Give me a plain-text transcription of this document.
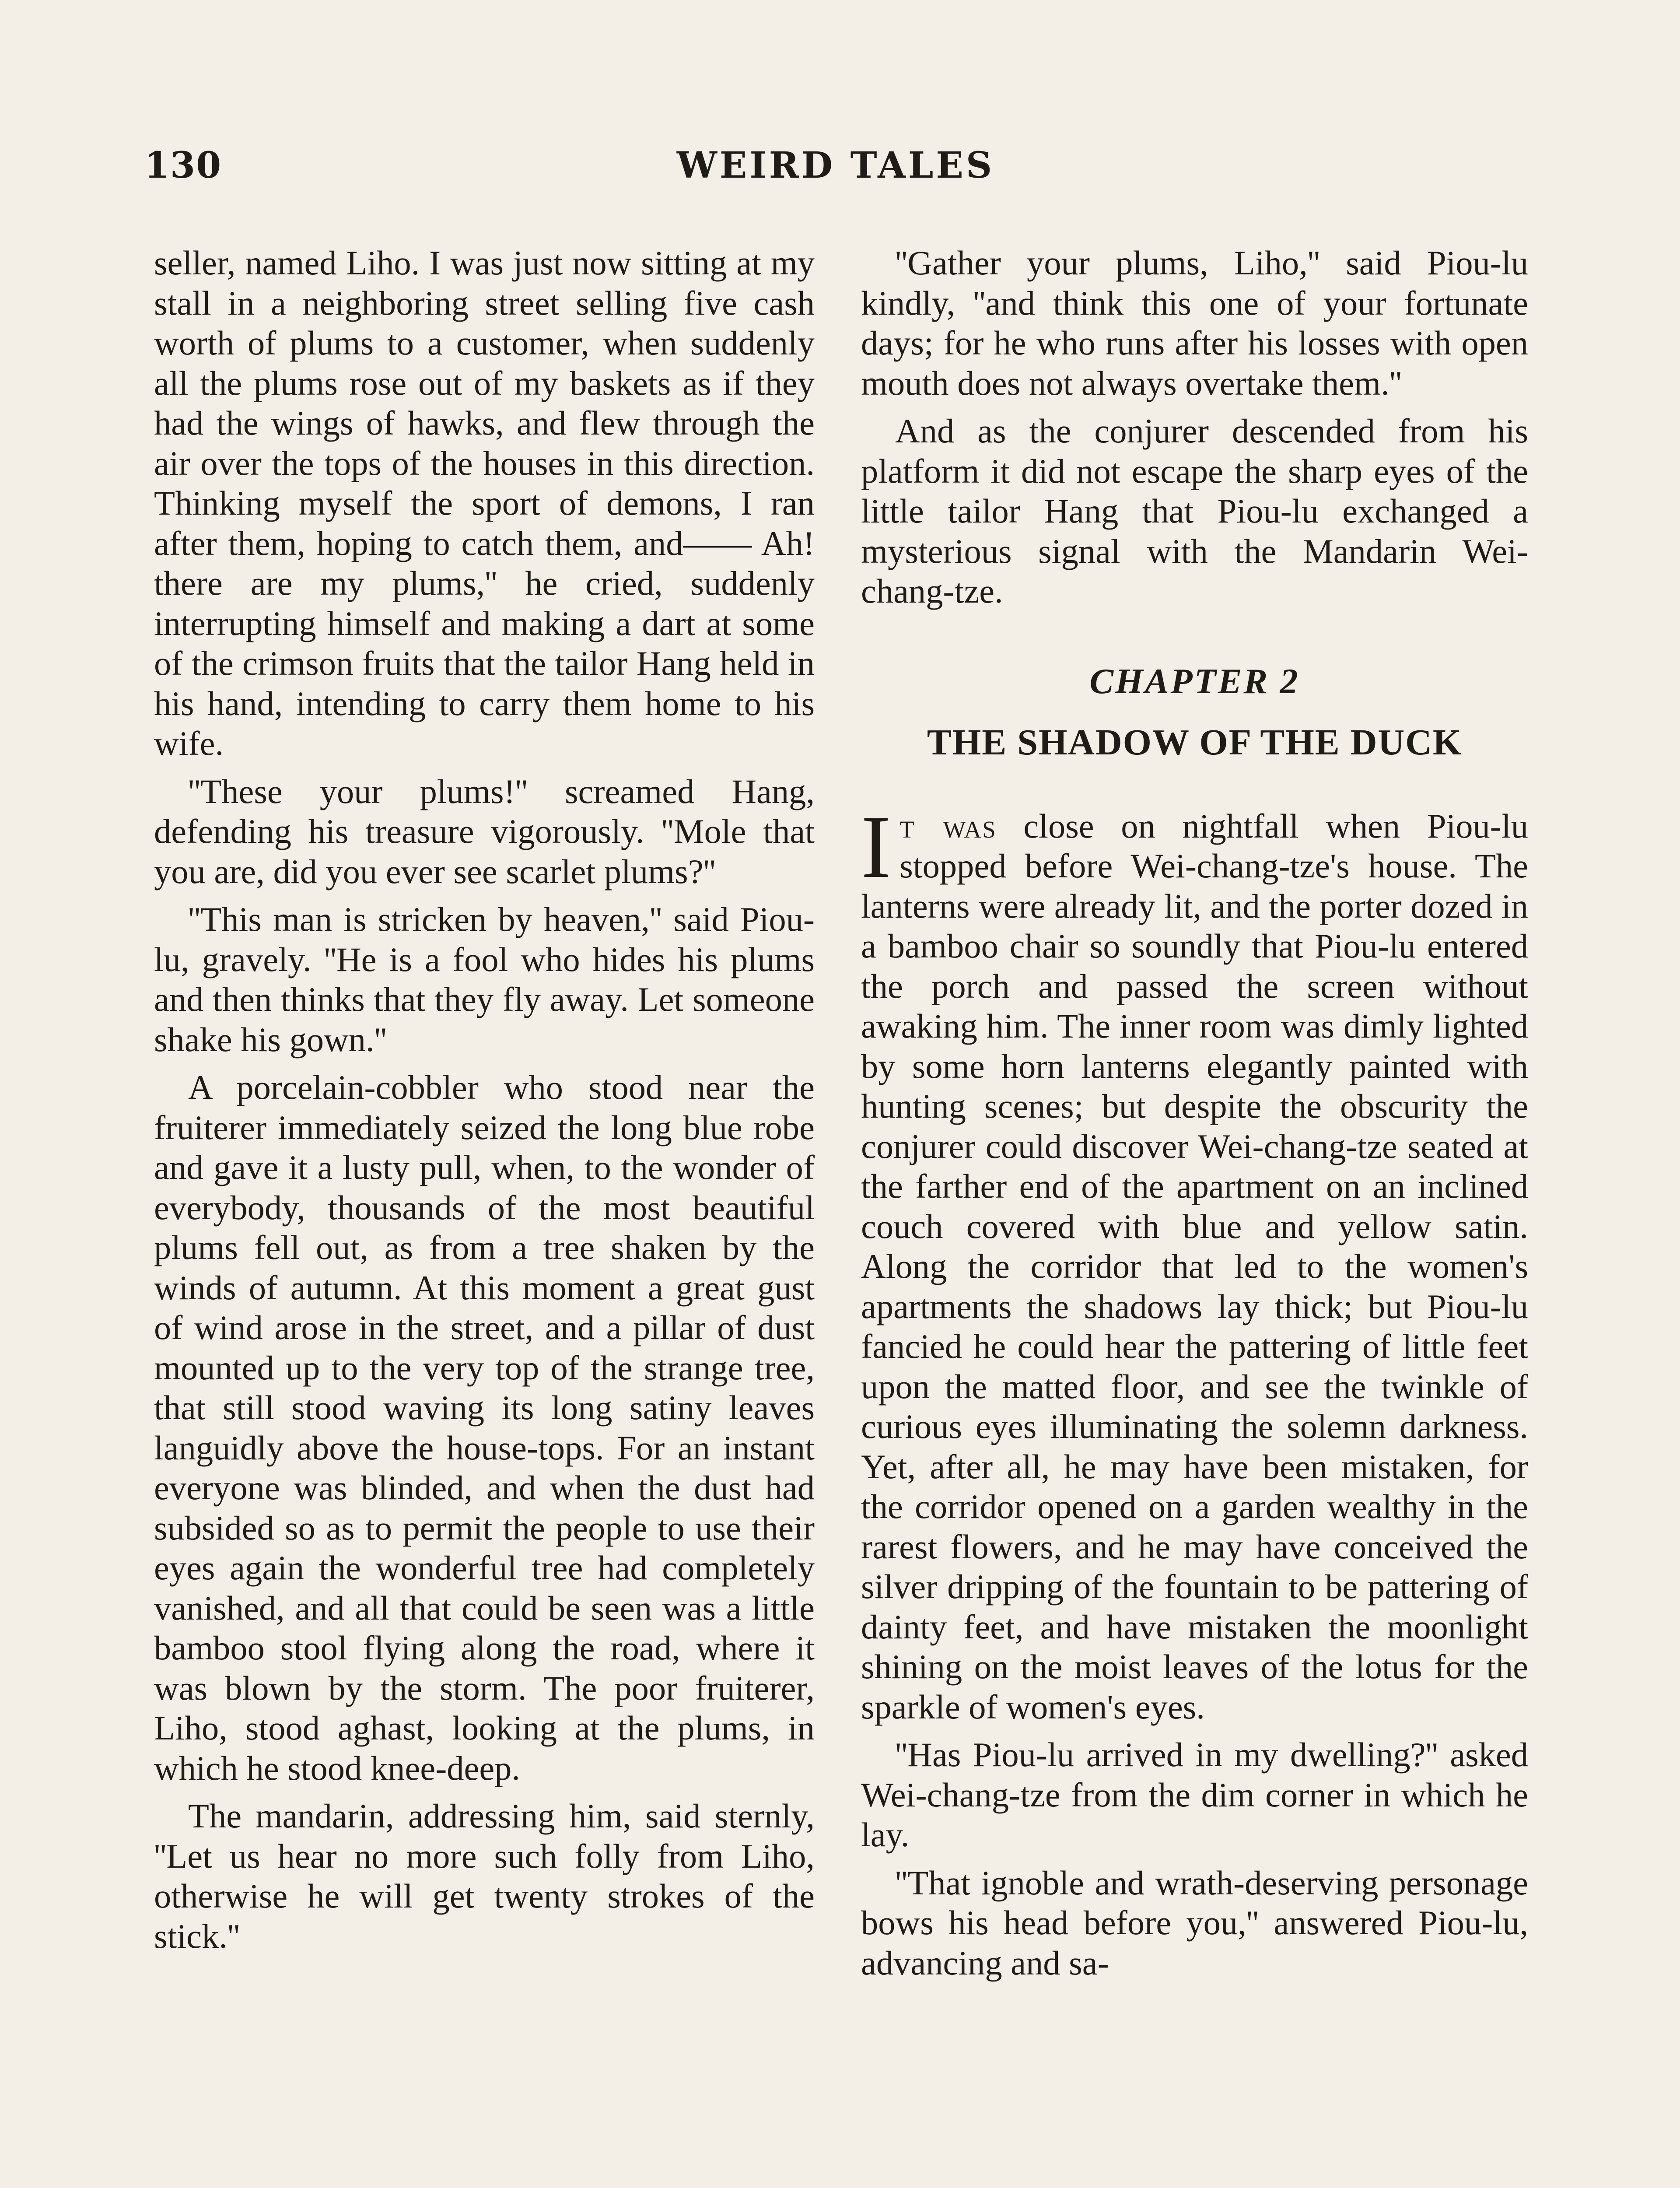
130	WEIRD TALES

seller, named Liho. I was just now sitting at my stall in a neighboring street selling five cash worth of plums to a customer, when suddenly all the plums rose out of my baskets as if they had the wings of hawks, and flew through the air over the tops of the houses in this direction. Thinking myself the sport of demons, I ran after them, hoping to catch them, and—— Ah! there are my plums,'' he cried, suddenly interrupting himself and making a dart at some of the crimson fruits that the tailor Hang held in his hand, intending to carry them home to his wife.

''These your plums!'' screamed Hang, defending his treasure vigorously. ''Mole that you are, did you ever see scarlet plums?''

''This man is stricken by heaven,'' said Piou-lu, gravely. ''He is a fool who hides his plums and then thinks that they fly away. Let someone shake his gown.''

A porcelain-cobbler who stood near the fruiterer immediately seized the long blue robe and gave it a lusty pull, when, to the wonder of everybody, thousands of the most beautiful plums fell out, as from a tree shaken by the winds of autumn. At this moment a great gust of wind arose in the street, and a pillar of dust mounted up to the very top of the strange tree, that still stood waving its long satiny leaves languidly above the house-tops. For an instant everyone was blinded, and when the dust had subsided so as to permit the people to use their eyes again the wonderful tree had completely vanished, and all that could be seen was a little bamboo stool flying along the road, where it was blown by the storm. The poor fruiterer, Liho, stood aghast, looking at the plums, in which he stood knee-deep.

The mandarin, addressing him, said sternly, ''Let us hear no more such folly from Liho, otherwise he will get twenty strokes of the stick.''

''Gather your plums, Liho,'' said Piou-lu kindly, ''and think this one of your fortunate days; for he who runs after his losses with open mouth does not always overtake them.''

And as the conjurer descended from his platform it did not escape the sharp eyes of the little tailor Hang that Piou-lu exchanged a mysterious signal with the Mandarin Wei-chang-tze.

CHAPTER 2
THE SHADOW OF THE DUCK

It was close on nightfall when Piou-lu stopped before Wei-chang-tze's house. The lanterns were already lit, and the porter dozed in a bamboo chair so soundly that Piou-lu entered the porch and passed the screen without awaking him. The inner room was dimly lighted by some horn lanterns elegantly painted with hunting scenes; but despite the obscurity the conjurer could discover Wei-chang-tze seated at the farther end of the apartment on an inclined couch covered with blue and yellow satin. Along the corridor that led to the women's apartments the shadows lay thick; but Piou-lu fancied he could hear the pattering of little feet upon the matted floor, and see the twinkle of curious eyes illuminating the solemn darkness. Yet, after all, he may have been mistaken, for the corridor opened on a garden wealthy in the rarest flowers, and he may have conceived the silver dripping of the fountain to be pattering of dainty feet, and have mistaken the moonlight shining on the moist leaves of the lotus for the sparkle of women's eyes.

''Has Piou-lu arrived in my dwelling?'' asked Wei-chang-tze from the dim corner in which he lay.

''That ignoble and wrath-deserving personage bows his head before you,'' answered Piou-lu, advancing and sa-
